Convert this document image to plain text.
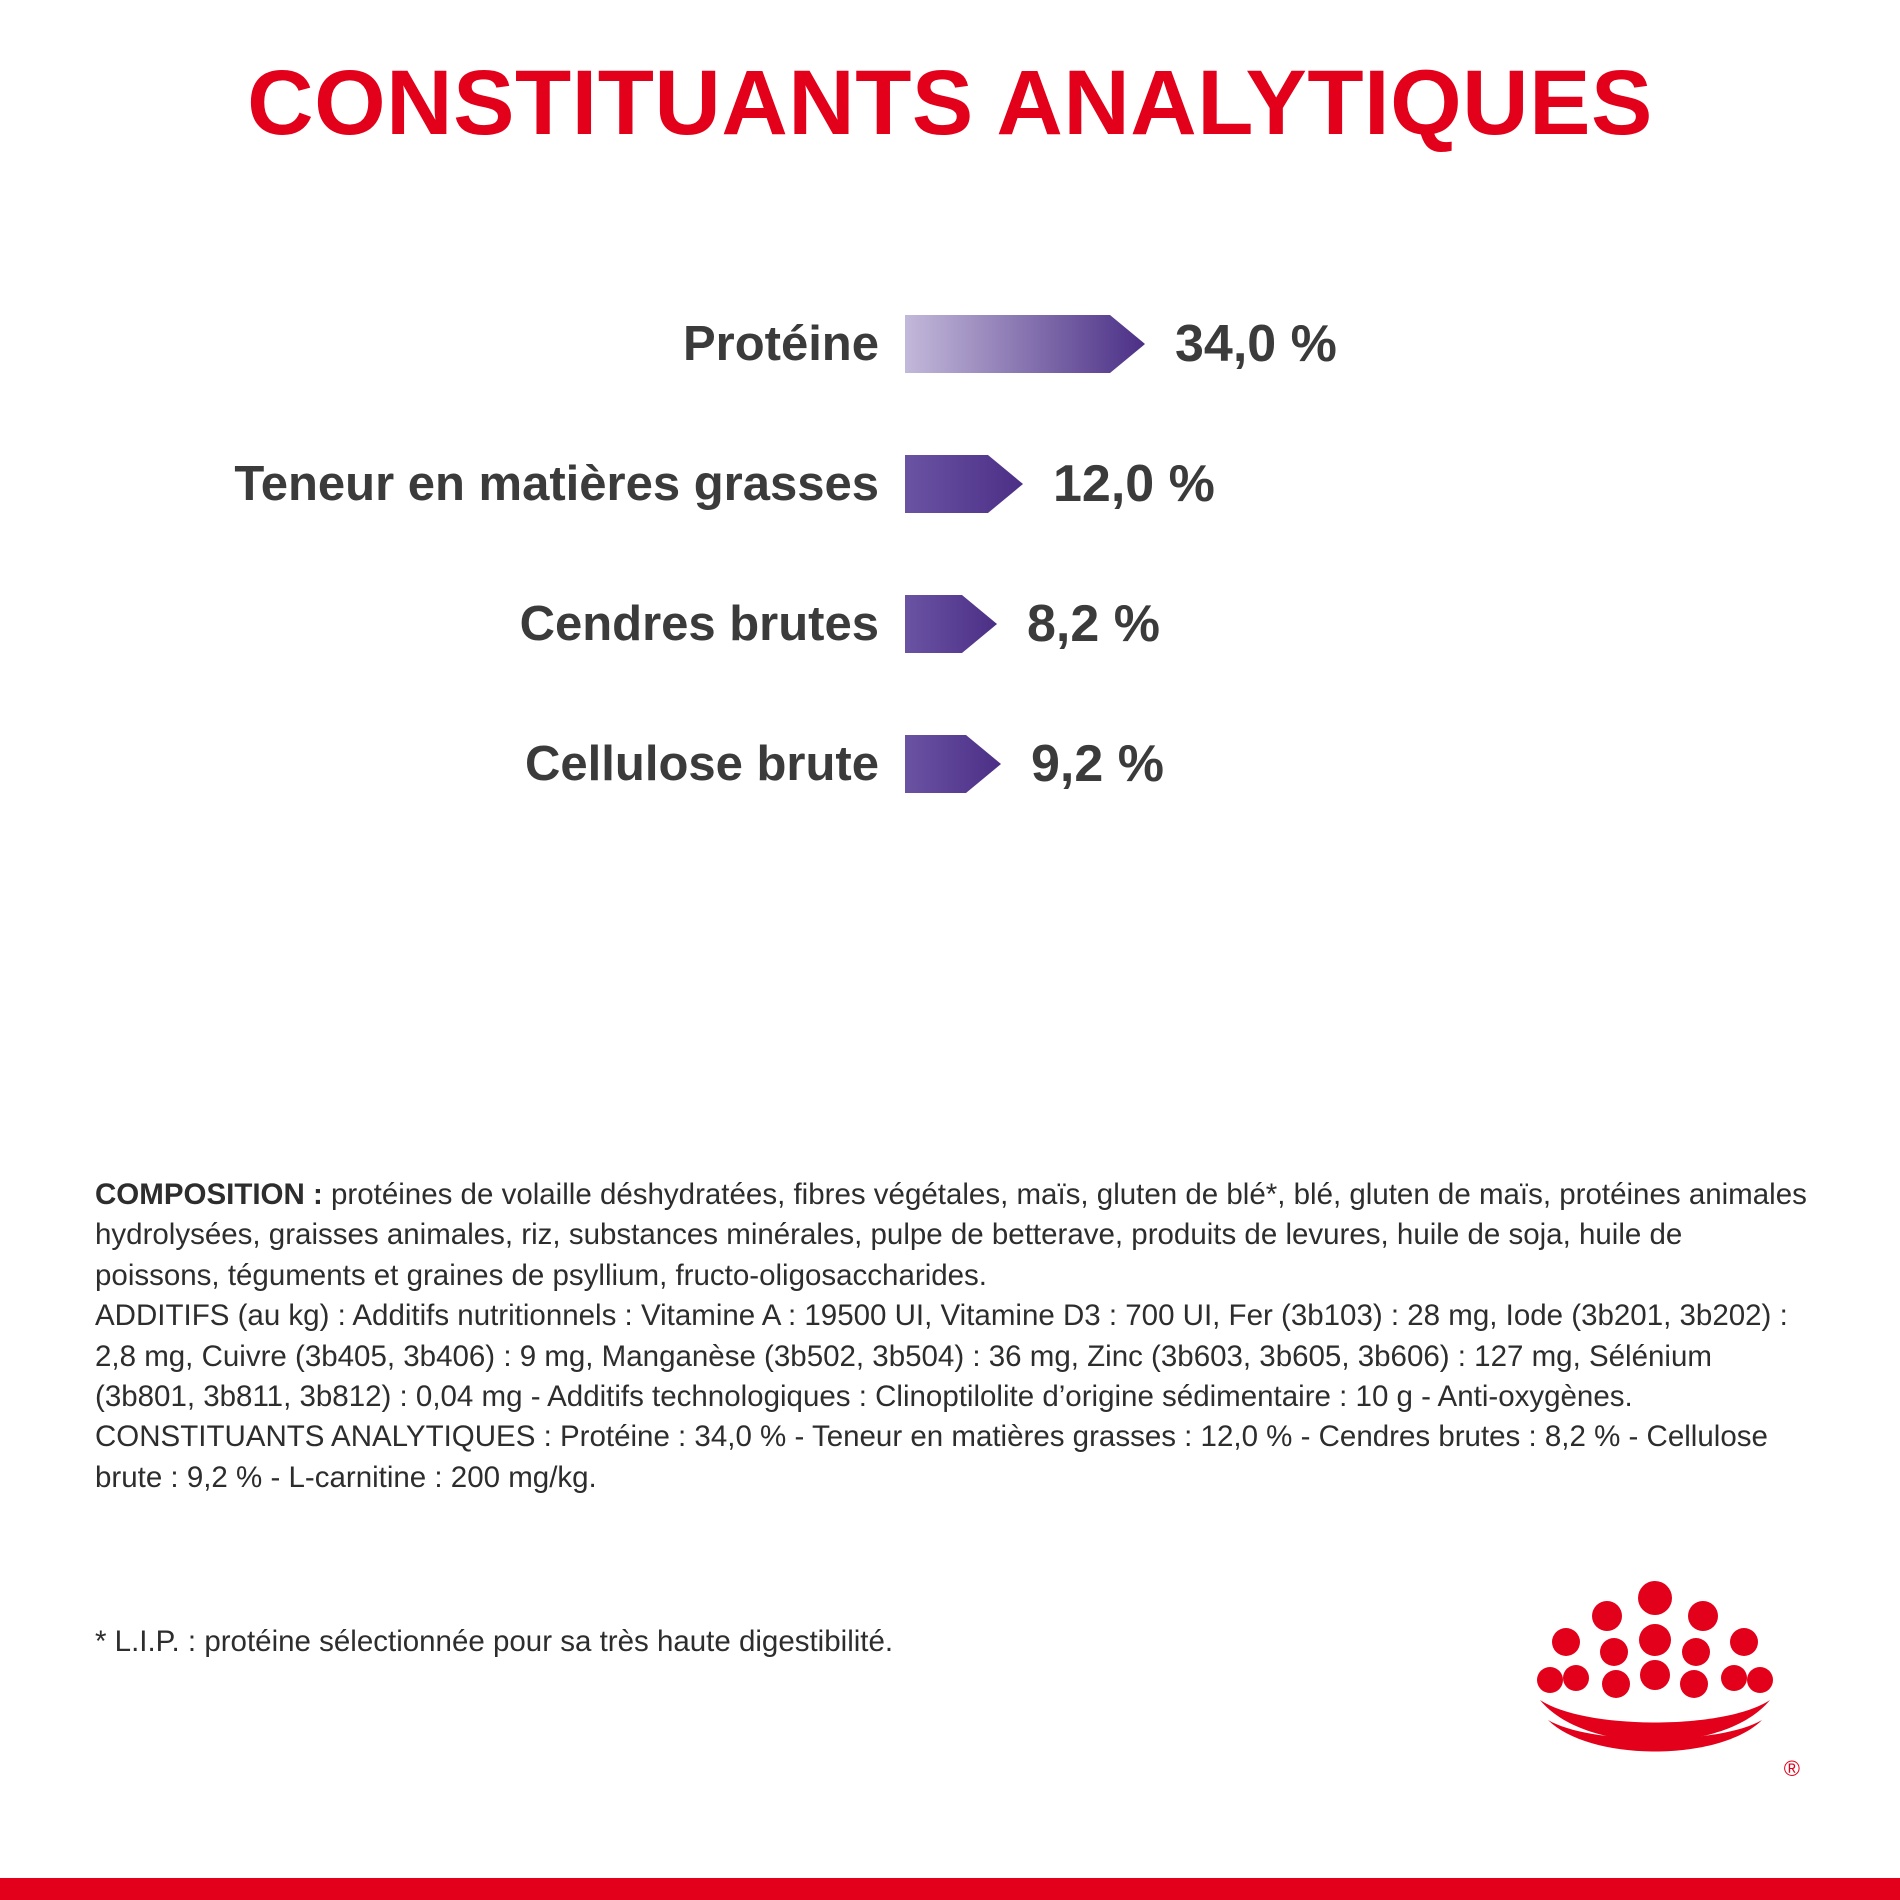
CONSTITUANTS ANALYTIQUES
Protéine	34,0 %
Teneur en matières grasses	12,0 %
Cendres brutes	8,2 %
Cellulose brute	9,2 %

COMPOSITION : protéines de volaille déshydratées, fibres végétales, maïs, gluten de blé*, blé, gluten de maïs, protéines animales hydrolysées, graisses animales, riz, substances minérales, pulpe de betterave, produits de levures, huile de soja, huile de poissons, téguments et graines de psyllium, fructo-oligosaccharides.

ADDITIFS (au kg) : Additifs nutritionnels : Vitamine A : 19500 UI, Vitamine D3 : 700 UI, Fer (3b103) : 28 mg, Iode (3b201, 3b202) : 2,8 mg, Cuivre (3b405, 3b406) : 9 mg, Manganèse (3b502, 3b504) : 36 mg, Zinc (3b603, 3b605, 3b606) : 127 mg, Sélénium (3b801, 3b811, 3b812) : 0,04 mg - Additifs technologiques : Clinoptilolite d’origine sédimentaire : 10 g - Anti-oxygènes.

CONSTITUANTS ANALYTIQUES : Protéine : 34,0 % - Teneur en matières grasses : 12,0 % - Cendres brutes : 8,2 % - Cellulose brute : 9,2 % - L-carnitine : 200 mg/kg.

* L.I.P. : protéine sélectionnée pour sa très haute digestibilité.
®
